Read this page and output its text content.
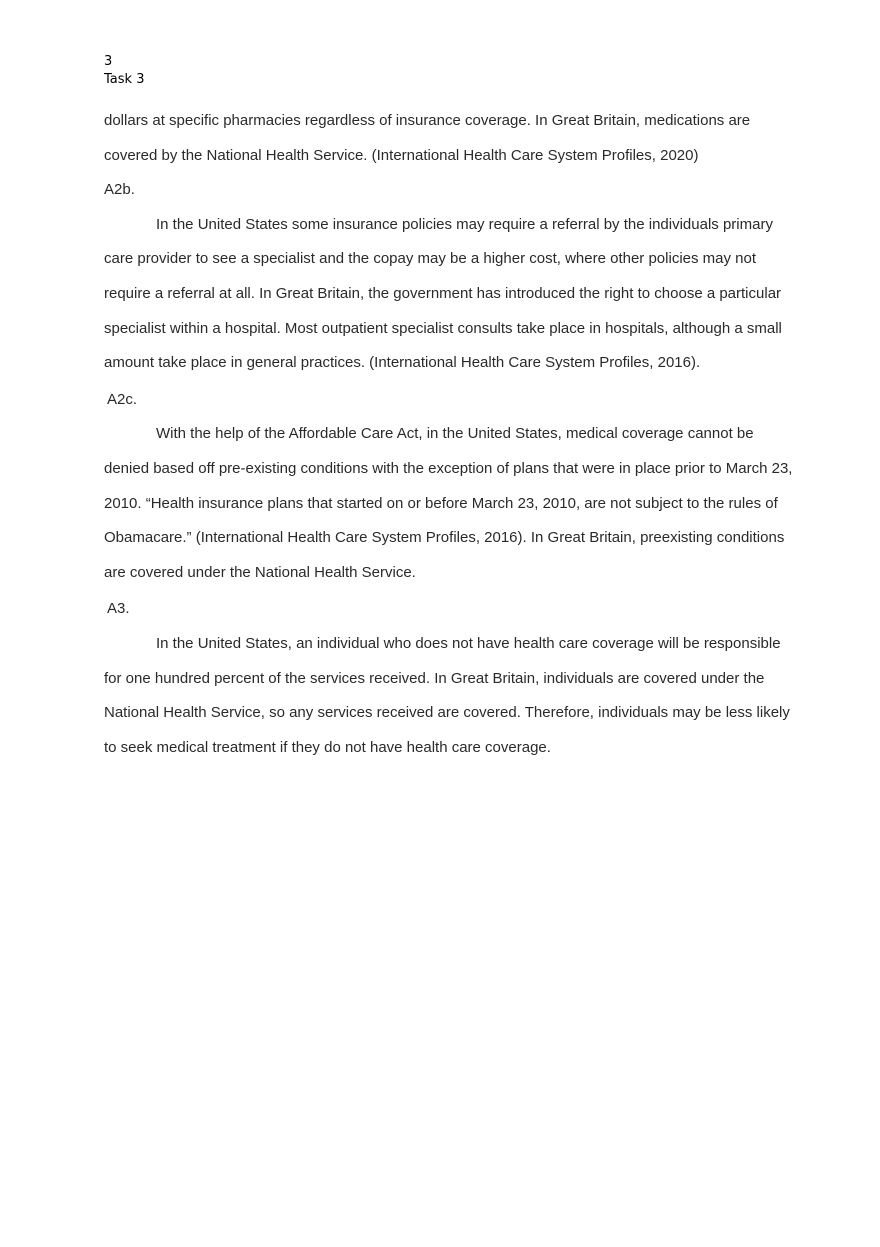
3
Task 3

dollars at specific pharmacies regardless of insurance coverage. In Great Britain, medications are covered by the National Health Service. (International Health Care System Profiles, 2020)

A2b.

In the United States some insurance policies may require a referral by the individuals primary care provider to see a specialist and the copay may be a higher cost, where other policies may not require a referral at all. In Great Britain, the government has introduced the right to choose a particular specialist within a hospital. Most outpatient specialist consults take place in hospitals, although a small amount take place in general practices. (International Health Care System Profiles, 2016).

A2c.

With the help of the Affordable Care Act, in the United States, medical coverage cannot be denied based off pre-existing conditions with the exception of plans that were in place prior to March 23, 2010. “Health insurance plans that started on or before March 23, 2010, are not subject to the rules of Obamacare.” (International Health Care System Profiles, 2016). In Great Britain, preexisting conditions are covered under the National Health Service.

A3.

In the United States, an individual who does not have health care coverage will be responsible for one hundred percent of the services received. In Great Britain, individuals are covered under the National Health Service, so any services received are covered. Therefore, individuals may be less likely to seek medical treatment if they do not have health care coverage.
